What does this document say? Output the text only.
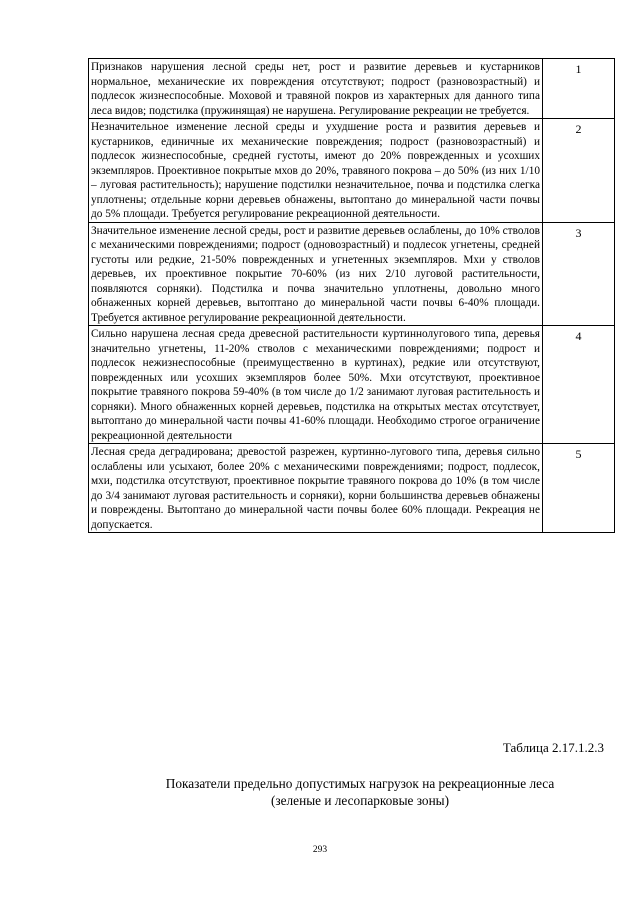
Признаков нарушения лесной среды нет, рост и развитие деревьев и кустарников нормальное, механические их повреждения отсутствуют; подрост (разновозрастный) и подлесок жизнеспособные. Моховой и травяной покров из характерных для данного типа леса видов; подстилка (пружинящая) не нарушена. Регулирование рекреации не требуется.	1
Незначительное изменение лесной среды и ухудшение роста и развития деревьев и кустарников, единичные их механические повреждения; подрост (разновозрастный) и подлесок жизнеспособные, средней густоты, имеют до 20% поврежденных и усохших экземпляров. Проективное покрытые мхов до 20%, травяного покрова – до 50% (из них 1/10 – луговая растительность); нарушение подстилки незначительное, почва и подстилка слегка уплотнены; отдельные корни деревьев обнажены, вытоптано до минеральной части почвы до 5% площади. Требуется регулирование рекреационной деятельности.	2
Значительное изменение лесной среды, рост и развитие деревьев ослаблены, до 10% стволов с механическими повреждениями; подрост (одновозрастный) и подлесок угнетены, средней густоты или редкие, 21-50% поврежденных и угнетенных экземпляров. Мхи у стволов деревьев, их проективное покрытие 70-60% (из них 2/10 луговой растительности, появляются сорняки). Подстилка и почва значительно уплотнены, довольно много обнаженных корней деревьев, вытоптано до минеральной части почвы 6-40% площади. Требуется активное регулирование рекреационной деятельности.	3
Сильно нарушена лесная среда древесной растительности куртиннолугового типа, деревья значительно угнетены, 11-20% стволов с механическими повреждениями; подрост и подлесок нежизнеспособные (преимущественно в куртинах), редкие или отсутствуют, поврежденных или усохших экземпляров более 50%. Мхи отсутствуют, проективное покрытие травяного покрова 59-40% (в том числе до 1/2 занимают луговая растительность и сорняки). Много обнаженных корней деревьев, подстилка на открытых местах отсутствует, вытоптано до минеральной части почвы 41-60% площади. Необходимо строгое ограничение рекреационной деятельности	4
Лесная среда деградирована; древостой разрежен, куртинно-лугового типа, деревья сильно ослаблены или усыхают, более 20% с механическими повреждениями; подрост, подлесок, мхи, подстилка отсутствуют, проективное покрытие травяного покрова до 10% (в том числе до 3/4 занимают луговая растительность и сорняки), корни большинства деревьев обнажены и повреждены. Вытоптано до минеральной части почвы более 60% площади. Рекреация не допускается.	5
Таблица 2.17.1.2.3
Показатели предельно допустимых нагрузок на рекреационные леса
(зеленые и лесопарковые зоны)
293
